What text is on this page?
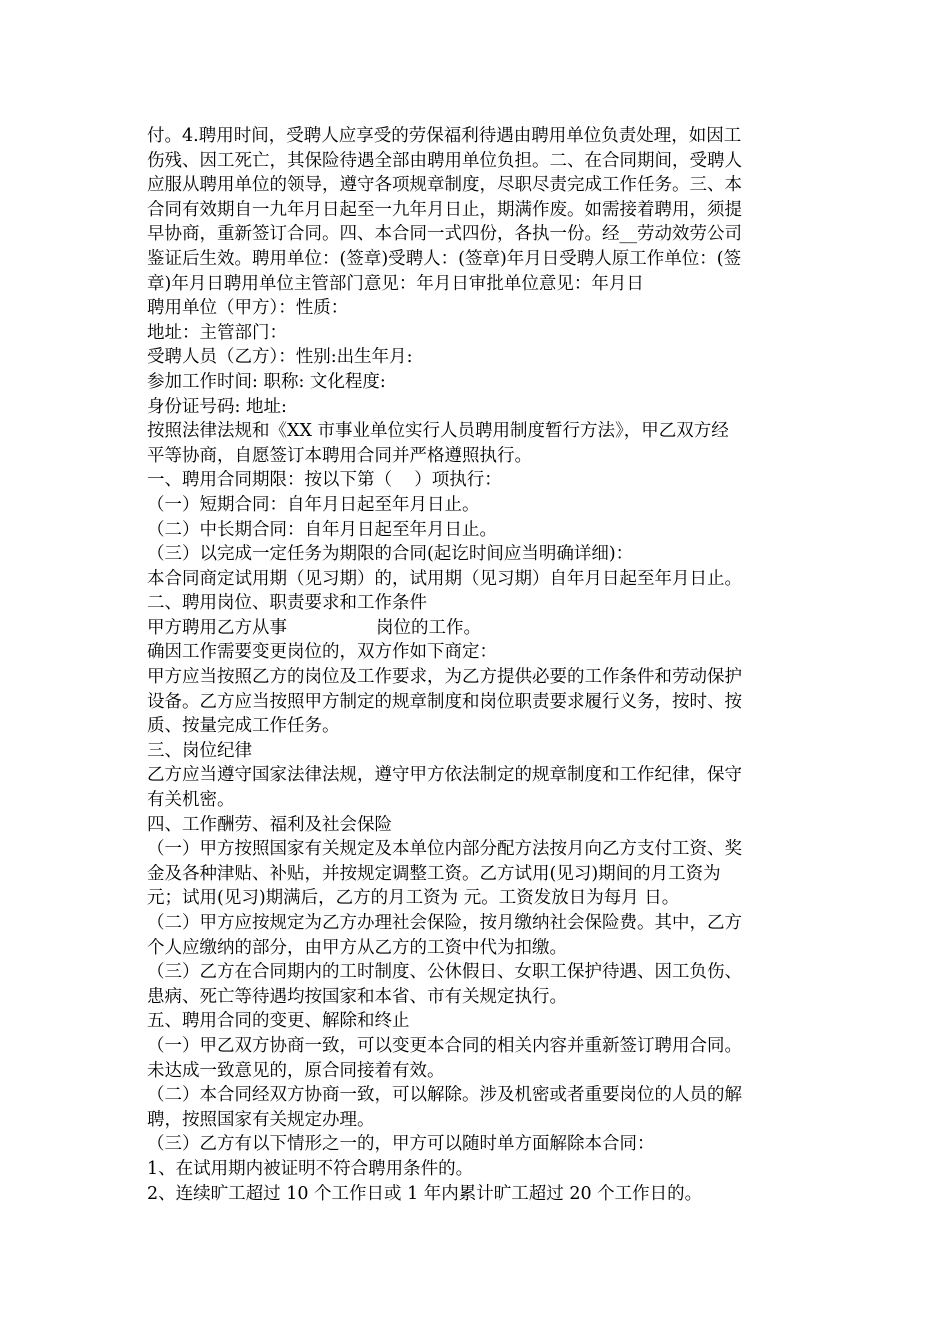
付。4.聘用时间，受聘人应享受的劳保福利待遇由聘用单位负责处理，如因工
伤残、因工死亡，其保险待遇全部由聘用单位负担。二、在合同期间，受聘人
应服从聘用单位的领导，遵守各项规章制度，尽职尽责完成工作任务。三、本
合同有效期自一九年月日起至一九年月日止，期满作废。如需接着聘用，须提
早协商，重新签订合同。四、本合同一式四份，各执一份。经__劳动效劳公司
鉴证后生效。聘用单位：(签章)受聘人：(签章)年月日受聘人原工作单位：(签
章)年月日聘用单位主管部门意见：年月日审批单位意见：年月日
聘用单位（甲方）：性质：
地址：主管部门：
受聘人员（乙方）：性别:出生年月:
参加工作时间: 职称: 文化程度:
身份证号码: 地址:
按照法律法规和《XX 市事业单位实行人员聘用制度暂行方法》，甲乙双方经
平等协商，自愿签订本聘用合同并严格遵照执行。
一、聘用合同期限：按以下第（    ）项执行：
（一）短期合同：自年月日起至年月日止。
（二）中长期合同：自年月日起至年月日止。
（三）以完成一定任务为期限的合同(起讫时间应当明确详细)：
本合同商定试用期（见习期）的，试用期（见习期）自年月日起至年月日止。
二、聘用岗位、职责要求和工作条件
甲方聘用乙方从事                岗位的工作。
确因工作需要变更岗位的，双方作如下商定：
甲方应当按照乙方的岗位及工作要求，为乙方提供必要的工作条件和劳动保护
设备。乙方应当按照甲方制定的规章制度和岗位职责要求履行义务，按时、按
质、按量完成工作任务。
三、岗位纪律
乙方应当遵守国家法律法规，遵守甲方依法制定的规章制度和工作纪律，保守
有关机密。
四、工作酬劳、福利及社会保险
（一）甲方按照国家有关规定及本单位内部分配方法按月向乙方支付工资、奖
金及各种津贴、补贴，并按规定调整工资。乙方试用(见习)期间的月工资为
元；试用(见习)期满后，乙方的月工资为 元。工资发放日为每月 日。
（二）甲方应按规定为乙方办理社会保险，按月缴纳社会保险费。其中，乙方
个人应缴纳的部分，由甲方从乙方的工资中代为扣缴。
（三）乙方在合同期内的工时制度、公休假日、女职工保护待遇、因工负伤、
患病、死亡等待遇均按国家和本省、市有关规定执行。
五、聘用合同的变更、解除和终止
（一）甲乙双方协商一致，可以变更本合同的相关内容并重新签订聘用合同。
未达成一致意见的，原合同接着有效。
（二）本合同经双方协商一致，可以解除。涉及机密或者重要岗位的人员的解
聘，按照国家有关规定办理。
（三）乙方有以下情形之一的，甲方可以随时单方面解除本合同：
1、在试用期内被证明不符合聘用条件的。
2、连续旷工超过 10 个工作日或 1 年内累计旷工超过 20 个工作日的。
